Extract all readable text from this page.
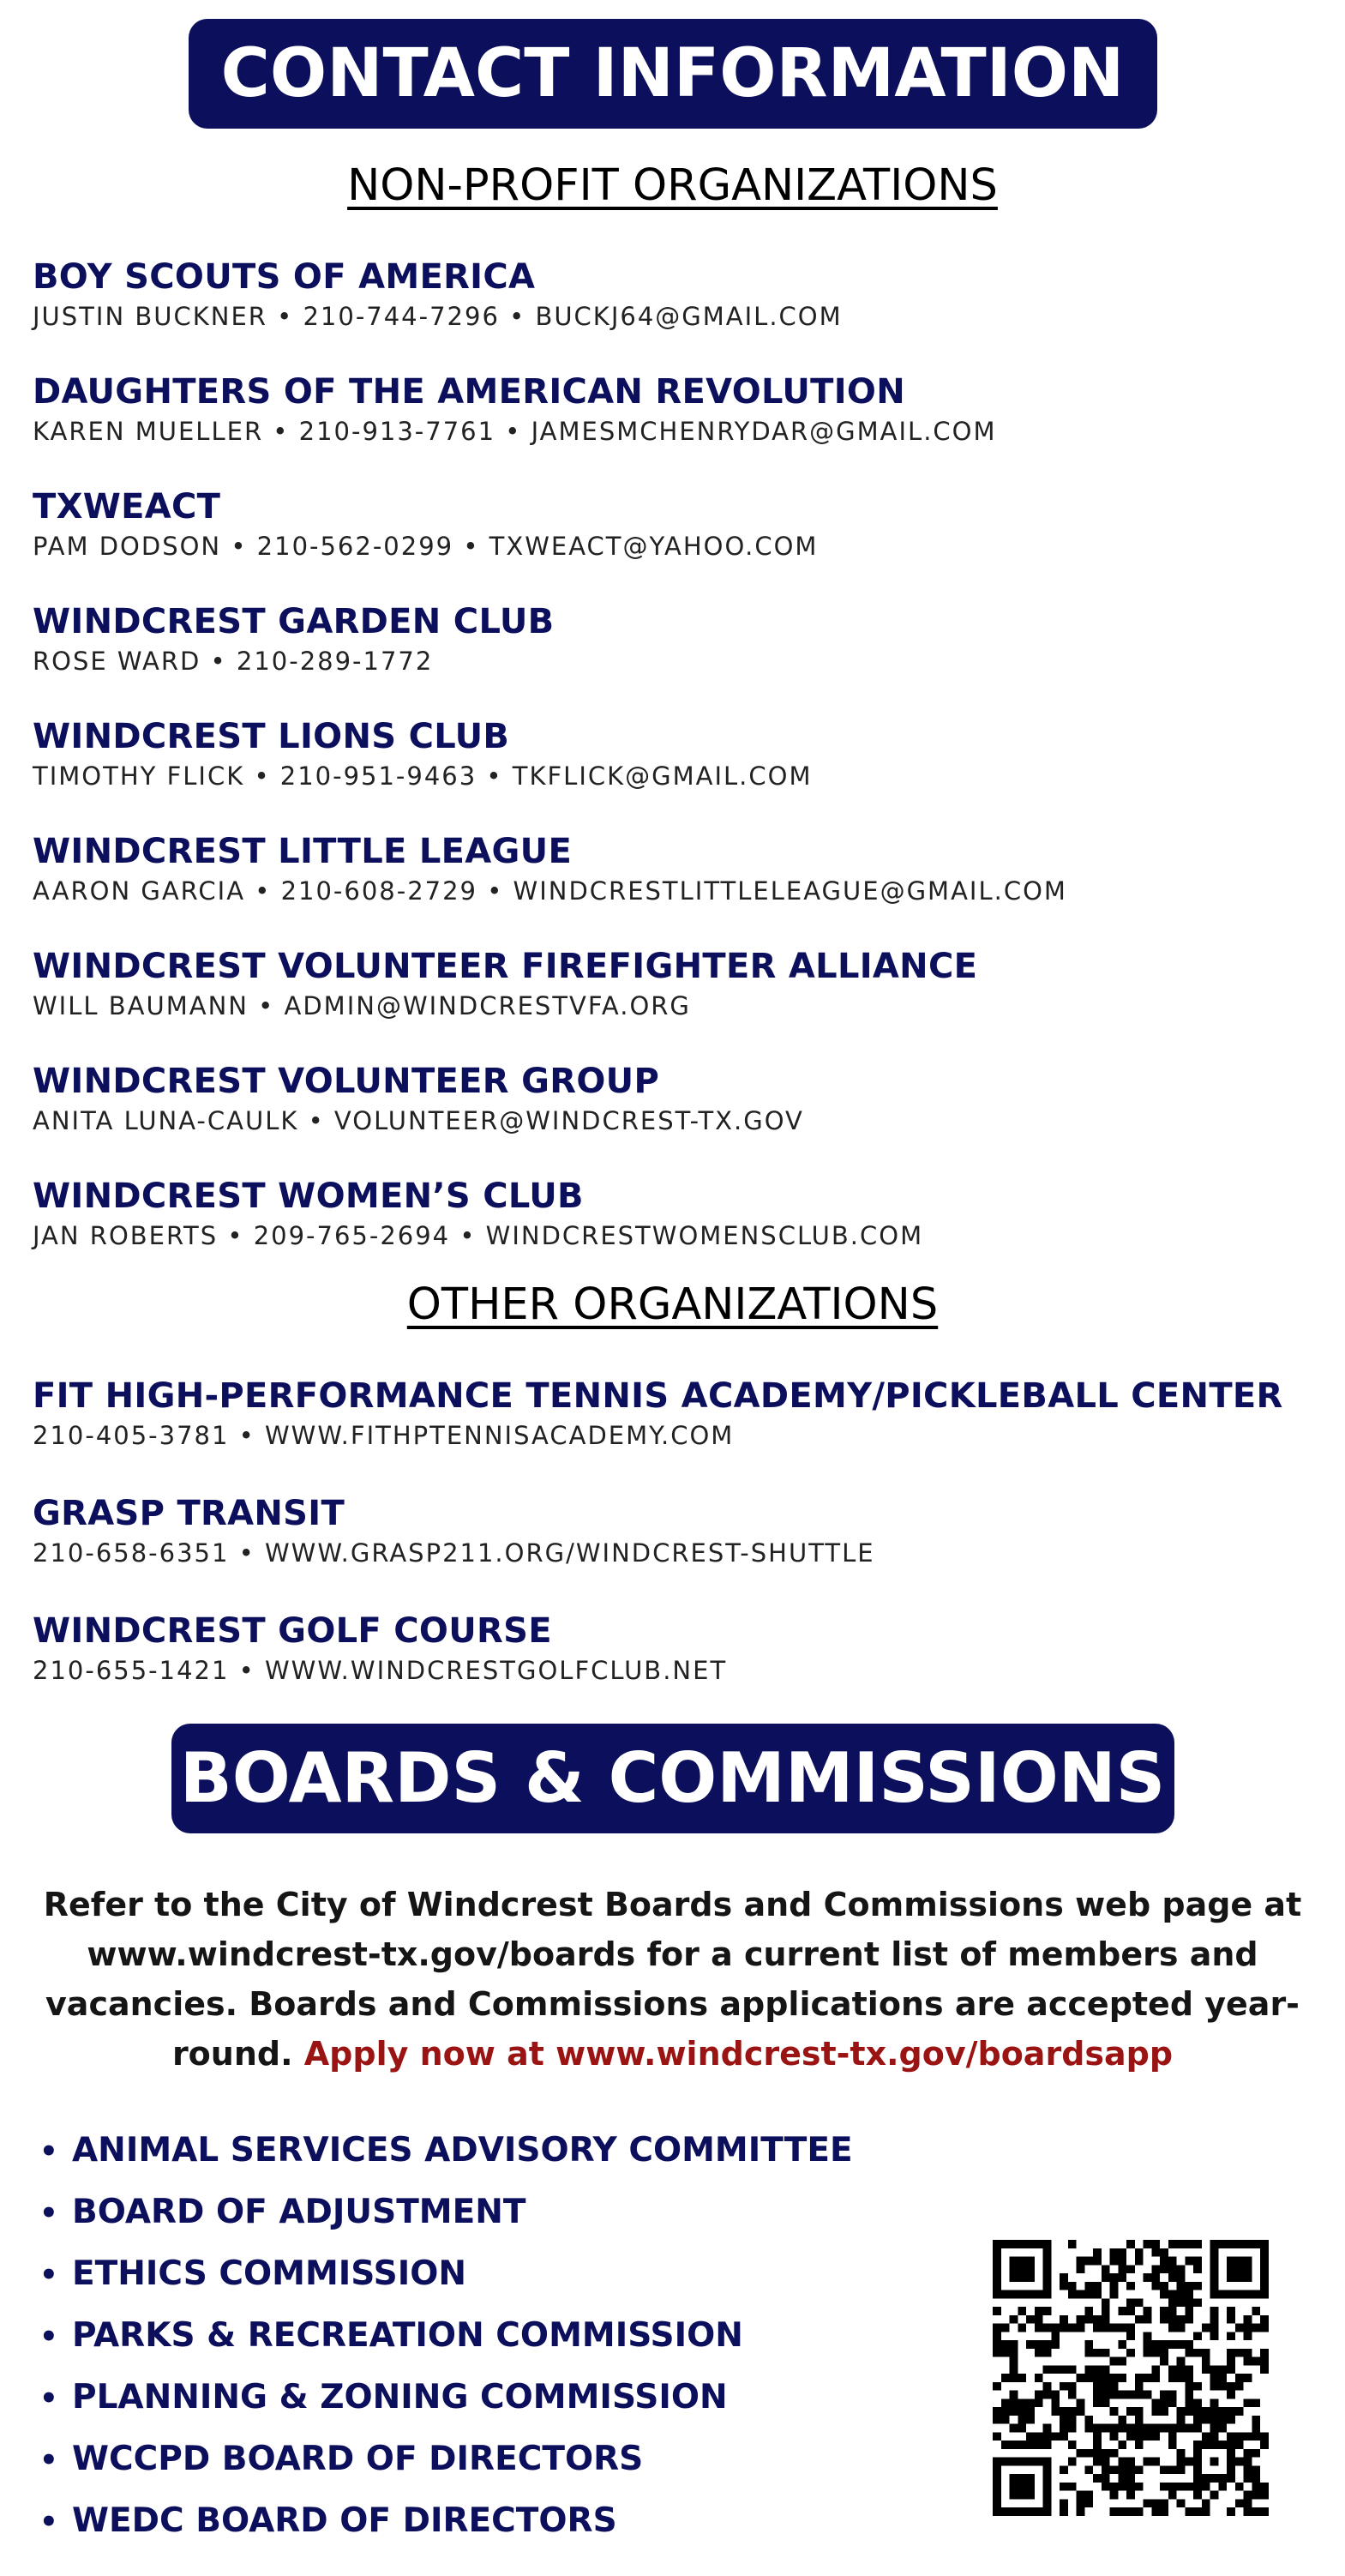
CONTACT INFORMATION
NON-PROFIT ORGANIZATIONS
BOY SCOUTS OF AMERICA
JUSTIN BUCKNER • 210-744-7296 • BUCKJ64@GMAIL.COM
DAUGHTERS OF THE AMERICAN REVOLUTION
KAREN MUELLER • 210-913-7761 • JAMESMCHENRYDAR@GMAIL.COM
TXWEACT
PAM DODSON • 210-562-0299 • TXWEACT@YAHOO.COM
WINDCREST GARDEN CLUB
ROSE WARD • 210-289-1772
WINDCREST LIONS CLUB
TIMOTHY FLICK • 210-951-9463 • TKFLICK@GMAIL.COM
WINDCREST LITTLE LEAGUE
AARON GARCIA • 210-608-2729 • WINDCRESTLITTLELEAGUE@GMAIL.COM
WINDCREST VOLUNTEER FIREFIGHTER ALLIANCE
WILL BAUMANN • ADMIN@WINDCRESTVFA.ORG
WINDCREST VOLUNTEER GROUP
ANITA LUNA-CAULK • VOLUNTEER@WINDCREST-TX.GOV
WINDCREST WOMEN’S CLUB
JAN ROBERTS • 209-765-2694 • WINDCRESTWOMENSCLUB.COM
OTHER ORGANIZATIONS
FIT HIGH-PERFORMANCE TENNIS ACADEMY/PICKLEBALL CENTER
210-405-3781 • WWW.FITHPTENNISACADEMY.COM
GRASP TRANSIT
210-658-6351 • WWW.GRASP211.ORG/WINDCREST-SHUTTLE
WINDCREST GOLF COURSE
210-655-1421 • WWW.WINDCRESTGOLFCLUB.NET
BOARDS & COMMISSIONS

Refer to the City of Windcrest Boards and Commissions web page at www.windcrest-tx.gov/boards for a current list of members and vacancies. Boards and Commissions applications are accepted year-round. Apply now at www.windcrest-tx.gov/boardsapp

• ANIMAL SERVICES ADVISORY COMMITTEE
• BOARD OF ADJUSTMENT
• ETHICS COMMISSION
• PARKS & RECREATION COMMISSION
• PLANNING & ZONING COMMISSION
• WCCPD BOARD OF DIRECTORS
• WEDC BOARD OF DIRECTORS
